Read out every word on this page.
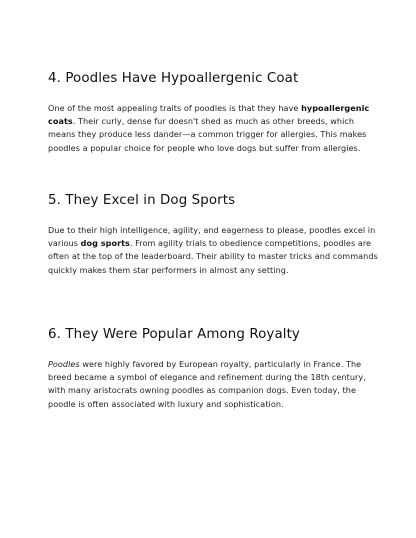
4. Poodles Have Hypoallergenic Coat

One of the most appealing traits of poodles is that they have hypoallergenic coats. Their curly, dense fur doesn't shed as much as other breeds, which means they produce less dander—a common trigger for allergies. This makes poodles a popular choice for people who love dogs but suffer from allergies.

5. They Excel in Dog Sports

Due to their high intelligence, agility, and eagerness to please, poodles excel in various dog sports. From agility trials to obedience competitions, poodles are often at the top of the leaderboard. Their ability to master tricks and commands quickly makes them star performers in almost any setting.

6. They Were Popular Among Royalty

Poodles were highly favored by European royalty, particularly in France. The breed became a symbol of elegance and refinement during the 18th century, with many aristocrats owning poodles as companion dogs. Even today, the poodle is often associated with luxury and sophistication.
